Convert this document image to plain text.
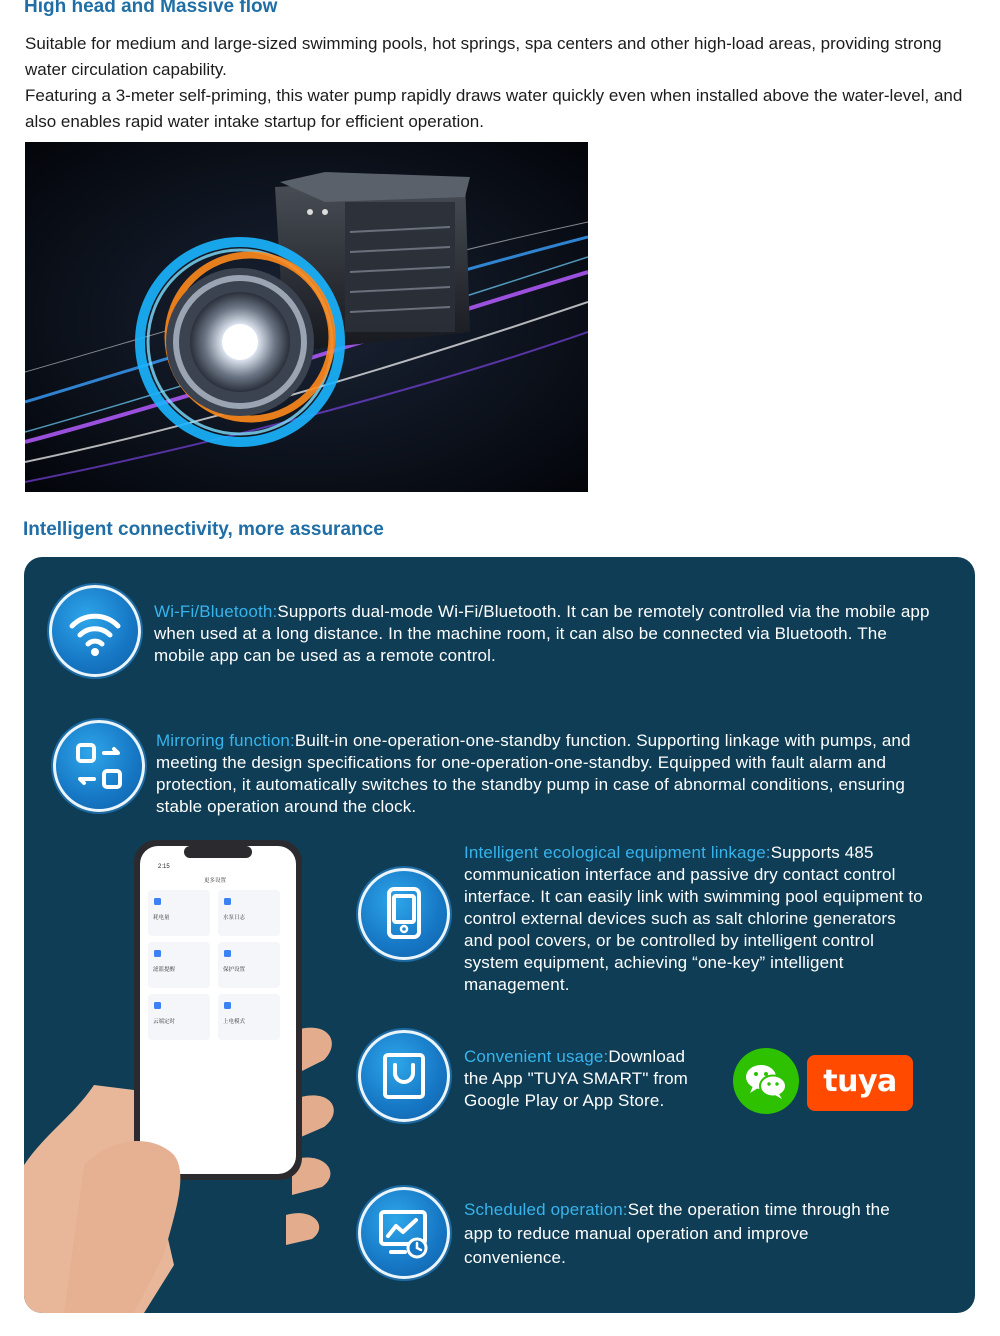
High head and Massive flow

Suitable for medium and large-sized swimming pools, hot springs, spa centers and other high-load areas, providing strong water circulation capability.

Featuring a 3-meter self-priming, this water pump rapidly draws water quickly even when installed above the water-level, and also enables rapid water intake startup for efficient operation.

Intelligent connectivity, more assurance

Wi-Fi/Bluetooth:Supports dual-mode Wi-Fi/Bluetooth. It can be remotely controlled via the mobile app when used at a long distance. In the machine room, it can also be connected via Bluetooth. The mobile app can be used as a remote control.

Mirroring function:Built-in one-operation-one-standby function. Supporting linkage with pumps, and meeting the design specifications for one-operation-one-standby. Equipped with fault alarm and protection, it automatically switches to the standby pump in case of abnormal conditions, ensuring stable operation around the clock.

2:15
更多设置
耗电量	水泵日志
滤篮提醒	保护设置
云端定时	上电模式

Intelligent ecological equipment linkage:Supports 485 communication interface and passive dry contact control interface. It can easily link with swimming pool equipment to control external devices such as salt chlorine generators and pool covers, or be controlled by intelligent control system equipment, achieving “one-key” intelligent management.

Convenient usage:Download the App "TUYA SMART" from Google Play or App Store.

tuya

Scheduled operation:Set the operation time through the app to reduce manual operation and improve convenience.
